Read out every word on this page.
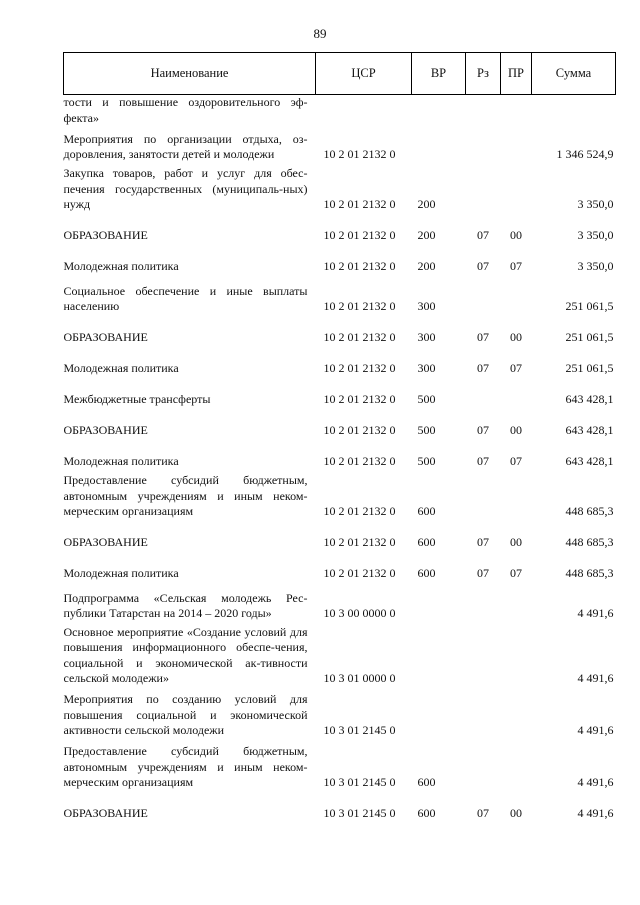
89
Наименование	ЦСР	ВР	Рз	ПР	Сумма
тости и повышение оздоровительного эф-фекта»					
Мероприятия по организации отдыха, оз-доровления, занятости детей и молодежи	10 2 01 2132 0				1 346 524,9
Закупка товаров, работ и услуг для обес-печения государственных (муниципаль-ных) нужд	10 2 01 2132 0	200			3 350,0
ОБРАЗОВАНИЕ	10 2 01 2132 0	200	07	00	3 350,0
Молодежная политика	10 2 01 2132 0	200	07	07	3 350,0
Социальное обеспечение и иные выплаты населению	10 2 01 2132 0	300			251 061,5
ОБРАЗОВАНИЕ	10 2 01 2132 0	300	07	00	251 061,5
Молодежная политика	10 2 01 2132 0	300	07	07	251 061,5
Межбюджетные трансферты	10 2 01 2132 0	500			643 428,1
ОБРАЗОВАНИЕ	10 2 01 2132 0	500	07	00	643 428,1
Молодежная политика	10 2 01 2132 0	500	07	07	643 428,1
Предоставление субсидий бюджетным, автономным учреждениям и иным неком-мерческим организациям	10 2 01 2132 0	600			448 685,3
ОБРАЗОВАНИЕ	10 2 01 2132 0	600	07	00	448 685,3
Молодежная политика	10 2 01 2132 0	600	07	07	448 685,3
Подпрограмма «Сельская молодежь Рес-публики Татарстан на 2014 – 2020 годы»	10 3 00 0000 0				4 491,6
Основное мероприятие «Создание условий для повышения информационного обеспе-чения, социальной и экономической ак-тивности сельской молодежи»	10 3 01 0000 0				4 491,6
Мероприятия по созданию условий для повышения социальной и экономической активности сельской молодежи	10 3 01 2145 0				4 491,6
Предоставление субсидий бюджетным, автономным учреждениям и иным неком-мерческим организациям	10 3 01 2145 0	600			4 491,6
ОБРАЗОВАНИЕ	10 3 01 2145 0	600	07	00	4 491,6
